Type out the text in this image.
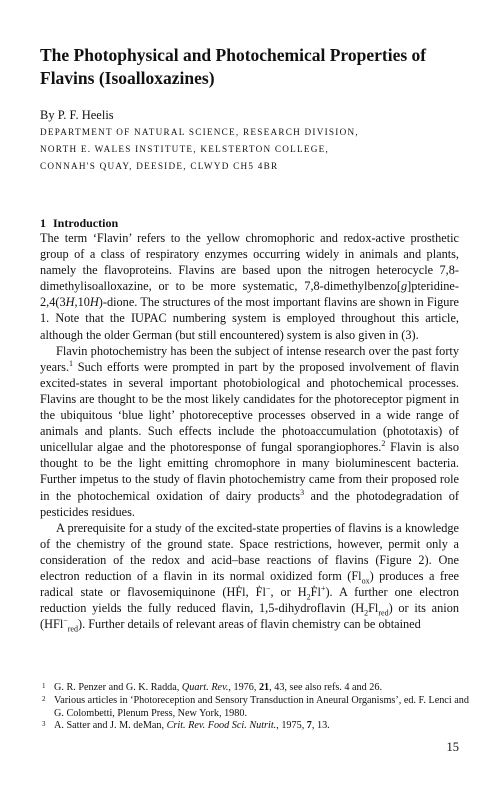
The Photophysical and Photochemical Properties of Flavins (Isoalloxazines)
By P. F. Heelis
DEPARTMENT OF NATURAL SCIENCE, RESEARCH DIVISION,
NORTH E. WALES INSTITUTE, KELSTERTON COLLEGE,
CONNAH'S QUAY, DEESIDE, CLWYD CH5 4BR
1 Introduction

The term ‘Flavin’ refers to the yellow chromophoric and redox-active prosthetic group of a class of respiratory enzymes occurring widely in animals and plants, namely the flavoproteins. Flavins are based upon the nitrogen heterocycle 7,8-dimethylisoalloxazine, or to be more systematic, 7,8-dimethylbenzo[g]pteridine-2,4(3H,10H)-dione. The structures of the most important flavins are shown in Figure 1. Note that the IUPAC numbering system is employed throughout this article, although the older German (but still encountered) system is also given in (3).

Flavin photochemistry has been the subject of intense research over the past forty years.$^1$ Such efforts were prompted in part by the proposed involvement of flavin excited-states in several important photobiological and photochemical processes. Flavins are thought to be the most likely candidates for the photoreceptor pigment in the ubiquitous ‘blue light’ photoreceptive processes observed in a wide range of animals and plants. Such effects include the photoaccumulation (phototaxis) of unicellular algae and the photoresponse of fungal sporangiophores.$^2$ Flavin is also thought to be the light emitting chromophore in many bioluminescent bacteria. Further impetus to the study of flavin photochemistry came from their proposed role in the photochemical oxidation of dairy products$^3$ and the photodegradation of pesticides residues.

A prerequisite for a study of the excited-state properties of flavins is a knowledge of the chemistry of the ground state. Space restrictions, however, permit only a consideration of the redox and acid–base reactions of flavins (Figure 2). One electron reduction of a flavin in its normal oxidized form $(Fl_{ox})$ produces a free radical state or flavosemiquinone (HḞl, Ḟl−, or $H_2Ḟl^+$). A further one electron reduction yields the fully reduced flavin, 1,5-dihydroflavin $(H_2Fl_{red})$ or its anion (HFl−$_{red}$). Further details of relevant areas of flavin chemistry can be obtained

1 G. R. Penzer and G. K. Radda, Quart. Rev., 1976, 21, 43, see also refs. 4 and 26.
2 Various articles in ‘Photoreception and Sensory Transduction in Aneural Organisms’, ed. F. Lenci and G. Colombetti, Plenum Press, New York, 1980.
3 A. Satter and J. M. deMan, Crit. Rev. Food Sci. Nutrit., 1975, 7, 13.
15
